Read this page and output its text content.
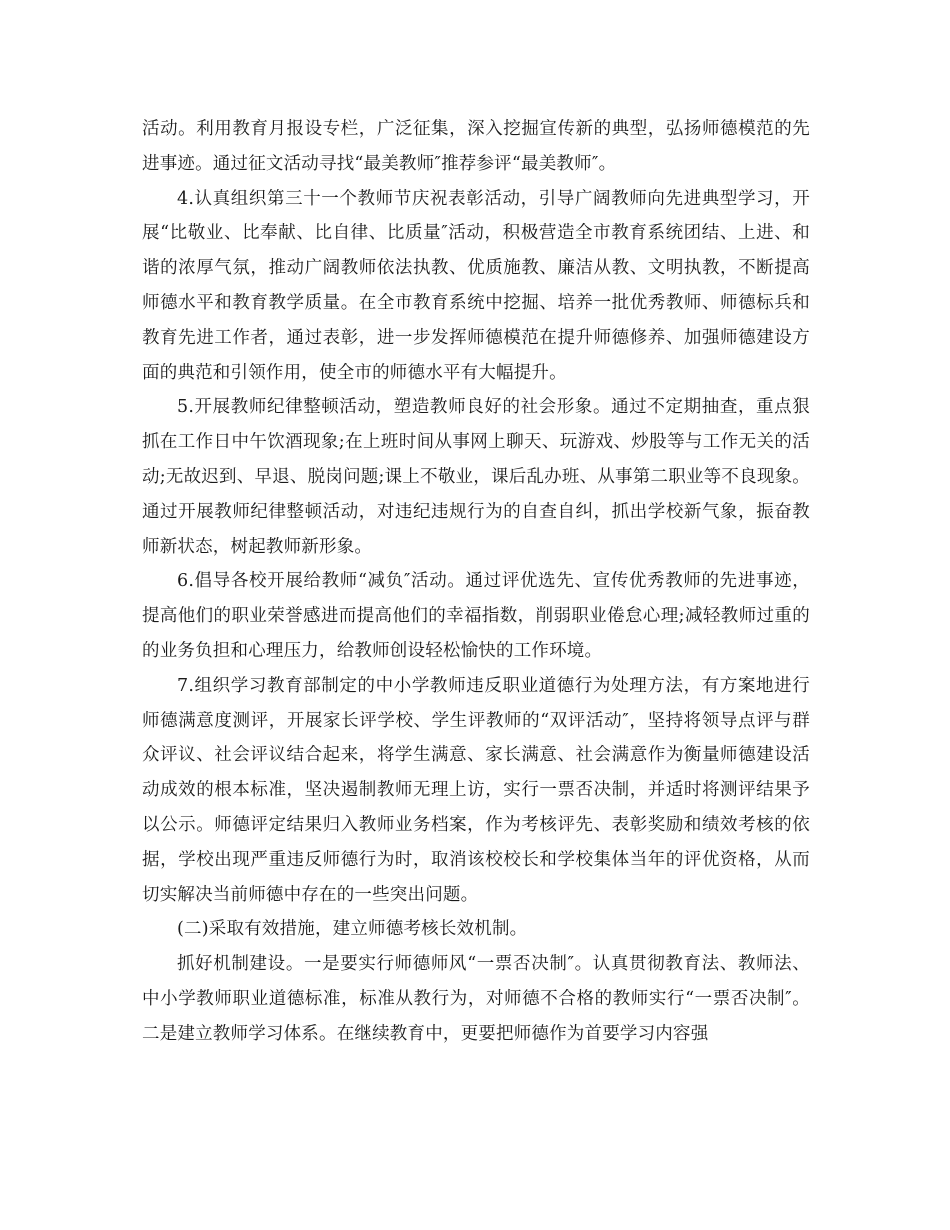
活动。利用教育月报设专栏，广泛征集，深入挖掘宣传新的典型，弘扬师德模范的先进事迹。通过征文活动寻找“最美教师″推荐参评“最美教师″。

4.认真组织第三十一个教师节庆祝表彰活动，引导广阔教师向先进典型学习，开展“比敬业、比奉献、比自律、比质量″活动，积极营造全市教育系统团结、上进、和谐的浓厚气氛，推动广阔教师依法执教、优质施教、廉洁从教、文明执教，不断提高师德水平和教育教学质量。在全市教育系统中挖掘、培养一批优秀教师、师德标兵和教育先进工作者，通过表彰，进一步发挥师德模范在提升师德修养、加强师德建设方面的典范和引领作用，使全市的师德水平有大幅提升。

5.开展教师纪律整顿活动，塑造教师良好的社会形象。通过不定期抽查，重点狠抓在工作日中午饮酒现象;在上班时间从事网上聊天、玩游戏、炒股等与工作无关的活动;无故迟到、早退、脱岗问题;课上不敬业，课后乱办班、从事第二职业等不良现象。通过开展教师纪律整顿活动，对违纪违规行为的自查自纠，抓出学校新气象，振奋教师新状态，树起教师新形象。

6.倡导各校开展给教师“减负″活动。通过评优选先、宣传优秀教师的先进事迹，提高他们的职业荣誉感进而提高他们的幸福指数，削弱职业倦怠心理;减轻教师过重的的业务负担和心理压力，给教师创设轻松愉快的工作环境。

7.组织学习教育部制定的中小学教师违反职业道德行为处理方法，有方案地进行师德满意度测评，开展家长评学校、学生评教师的“双评活动″，坚持将领导点评与群众评议、社会评议结合起来，将学生满意、家长满意、社会满意作为衡量师德建设活动成效的根本标准，坚决遏制教师无理上访，实行一票否决制，并适时将测评结果予以公示。师德评定结果归入教师业务档案，作为考核评先、表彰奖励和绩效考核的依据，学校出现严重违反师德行为时，取消该校校长和学校集体当年的评优资格，从而切实解决当前师德中存在的一些突出问题。

(二)采取有效措施，建立师德考核长效机制。

抓好机制建设。一是要实行师德师风“一票否决制″。认真贯彻教育法、教师法、中小学教师职业道德标准，标准从教行为，对师德不合格的教师实行“一票否决制″。二是建立教师学习体系。在继续教育中，更要把师德作为首要学习内容强
